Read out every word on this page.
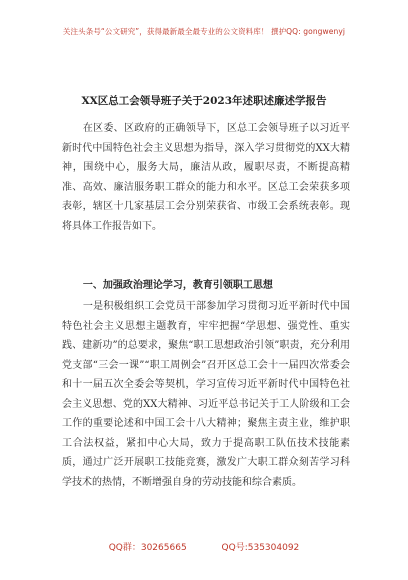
关注头条号“公文研究”，获得最新最全最专业的公文资料库！ 撰护QQ: gongwenyj
XX区总工会领导班子关于2023年述职述廉述学报告

在区委、区政府的正确领导下，区总工会领导班子以习近平新时代中国特色社会主义思想为指导，深入学习贯彻党的XX大精神，围绕中心，服务大局，廉洁从政，履职尽责，不断提高精准、高效、廉洁服务职工群众的能力和水平。区总工会荣获多项表彰，辖区十几家基层工会分别荣获省、市级工会系统表彰。现将具体工作报告如下。

一、加强政治理论学习，教育引领职工思想

一是积极组织工会党员干部参加学习贯彻习近平新时代中国特色社会主义思想主题教育，牢牢把握“学思想、强党性、重实践、建新功”的总要求，聚焦“职工思想政治引领”职责，充分利用党支部“三会一课”“职工周例会”召开区总工会十一届四次常委会和十一届五次全委会等契机，学习宣传习近平新时代中国特色社会主义思想、党的XX大精神、习近平总书记关于工人阶级和工会工作的重要论述和中国工会十八大精神；聚焦主责主业，维护职工合法权益，紧扣中心大局，致力于提高职工队伍技术技能素质，通过广泛开展职工技能竞赛，激发广大职工群众刻苦学习科学技术的热情，不断增强自身的劳动技能和综合素质。

QQ群：30265665	QQ号:535304092
